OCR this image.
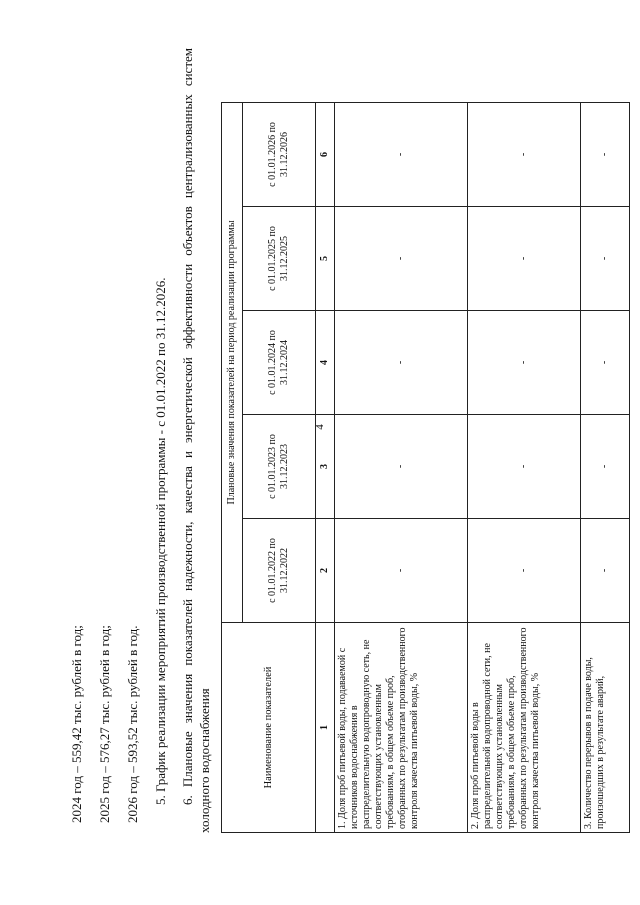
4
2024 год – 559,42 тыс. рублей в год; 2025 год – 576,27 тыс. рублей в год; 2026 год – 593,52 тыс. рублей в год. 5. График реализации мероприятий производственной программы - с 01.01.2022 по 31.12.2026. 6. Плановые значения показателей надежности, качества и энергетической эффективности объектов централизованных систем холодного водоснабжения	Наименование показателей	Плановые значения показателей на период реализации программы				
	с 01.01.2022 по 31.12.2022	с 01.01.2023 по 31.12.2023	с 01.01.2024 по 31.12.2024	с 01.01.2025 по 31.12.2025	с 01.01.2026 по 31.12.2026
1	2	3	4	5	6
1. Доля проб питьевой воды, подаваемой с источников водоснабжения в распределительную водопроводную сеть, не соответствующих установленным требованиям, в общем объеме проб, отобранных по результатам производственного контроля качества питьевой воды, %	-	-	-	-	-
2. Доля проб питьевой воды в распределительной водопроводной сети, не соответствующих установленным требованиям, в общем объеме проб, отобранных по результатам производственного контроля качества питьевой воды, %	-	-	-	-	-
3. Количество перерывов в подаче воды, произошедших в результате аварий,	-	-	-	-	-
